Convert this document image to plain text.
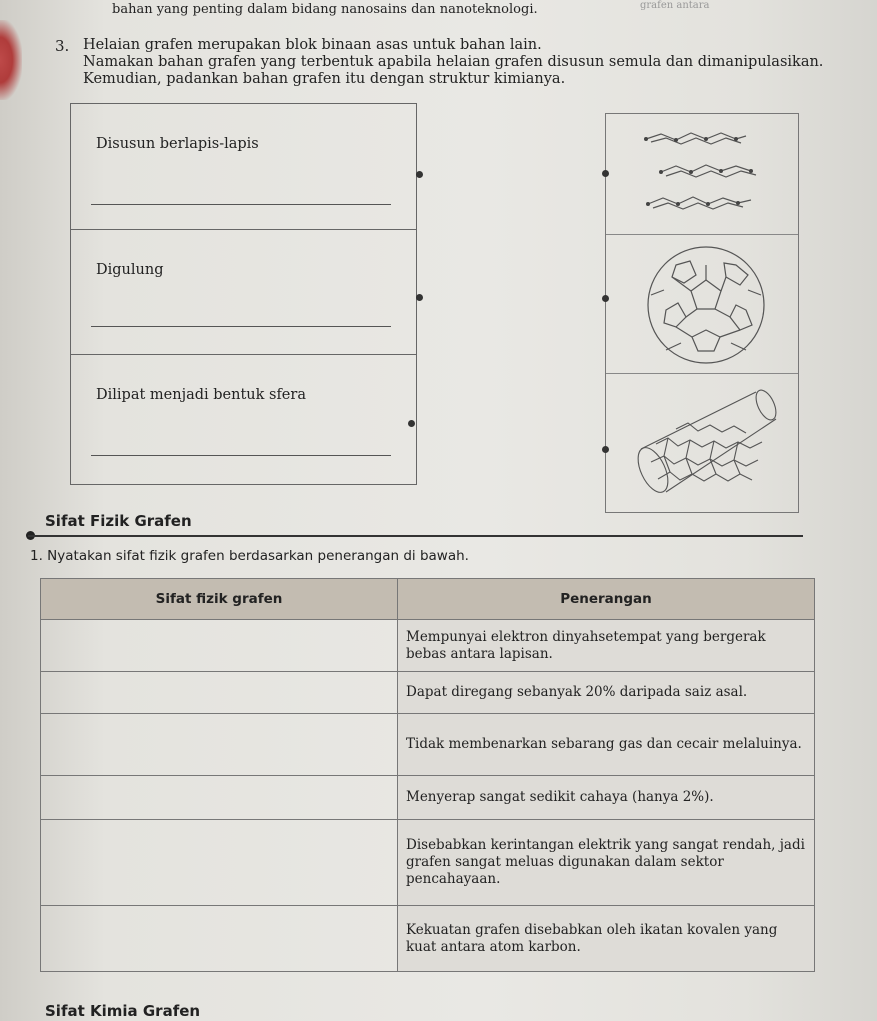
bahan yang penting dalam bidang nanosains dan nanoteknologi.	grafen antara
3. Helaian grafen merupakan blok binaan asas untuk bahan lain.
Namakan bahan grafen yang terbentuk apabila helaian grafen disusun semula dan dimanipulasikan.
Kemudian, padankan bahan grafen itu dengan struktur kimianya.
Disusun berlapis-lapis
Digulung
Dilipat menjadi bentuk sfera
Sifat Fizik Grafen
1. Nyatakan sifat fizik grafen berdasarkan penerangan di bawah.
Sifat fizik grafen	Penerangan
	Mempunyai elektron dinyahsetempat yang bergerak bebas antara lapisan.
	Dapat diregang sebanyak 20% daripada saiz asal.
	Tidak membenarkan sebarang gas dan cecair melaluinya.
	Menyerap sangat sedikit cahaya (hanya 2%).
	Disebabkan kerintangan elektrik yang sangat rendah, jadi grafen sangat meluas digunakan dalam sektor pencahayaan.
	Kekuatan grafen disebabkan oleh ikatan kovalen yang kuat antara atom karbon.
Sifat Kimia Grafen
